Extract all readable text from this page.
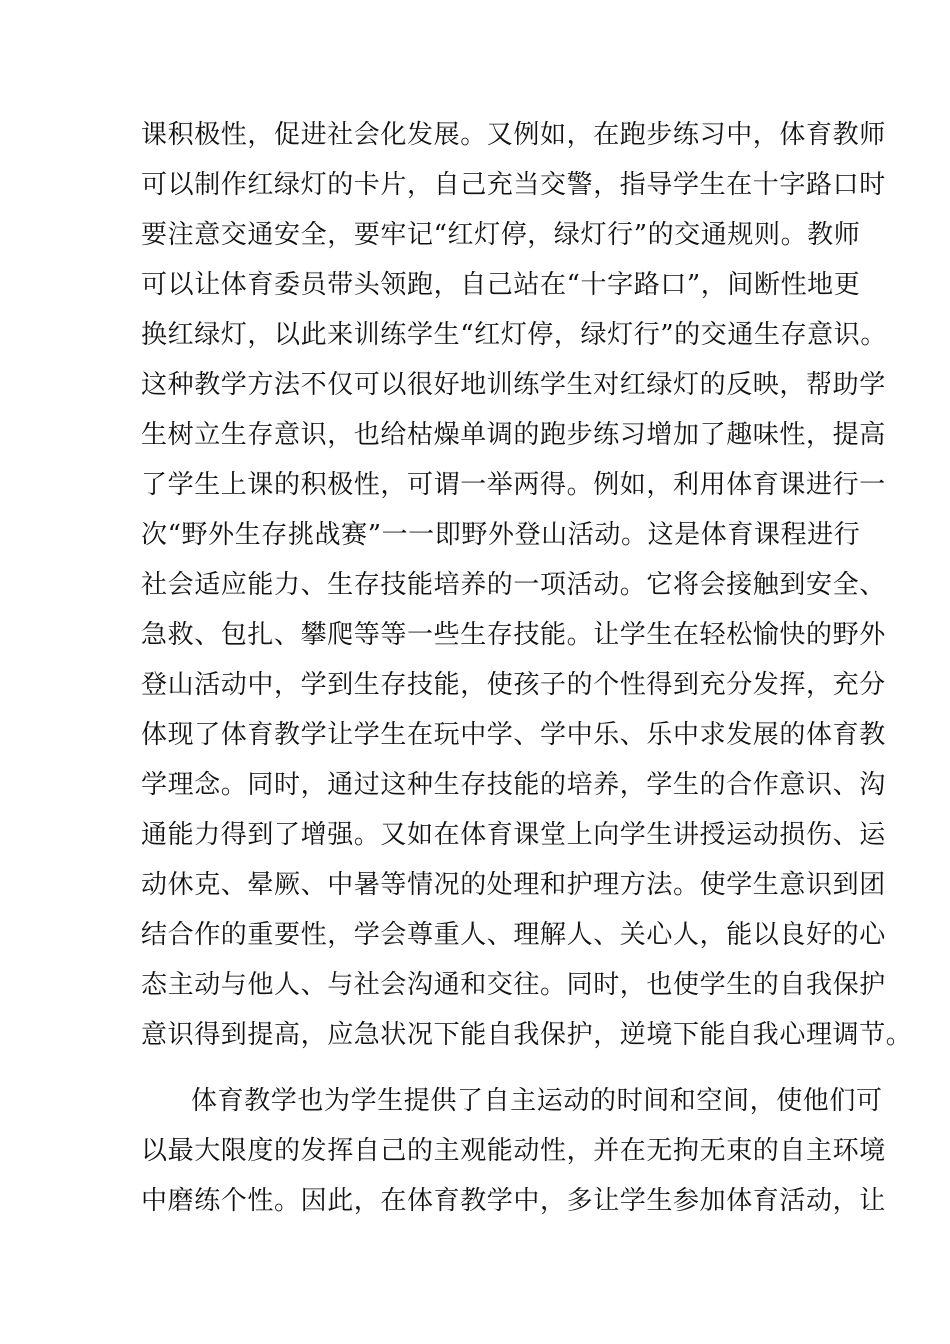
课积极性，促进社会化发展。又例如，在跑步练习中，体育教师
可以制作红绿灯的卡片，自己充当交警，指导学生在十字路口时
要注意交通安全，要牢记“红灯停，绿灯行”的交通规则。教师
可以让体育委员带头领跑，自己站在“十字路口”，间断性地更
换红绿灯，以此来训练学生“红灯停，绿灯行”的交通生存意识。
这种教学方法不仅可以很好地训练学生对红绿灯的反映，帮助学
生树立生存意识，也给枯燥单调的跑步练习增加了趣味性，提高
了学生上课的积极性，可谓一举两得。例如，利用体育课进行一
次“野外生存挑战赛”一一即野外登山活动。这是体育课程进行
社会适应能力、生存技能培养的一项活动。它将会接触到安全、
急救、包扎、攀爬等等一些生存技能。让学生在轻松愉快的野外
登山活动中，学到生存技能，使孩子的个性得到充分发挥，充分
体现了体育教学让学生在玩中学、学中乐、乐中求发展的体育教
学理念。同时，通过这种生存技能的培养，学生的合作意识、沟
通能力得到了增强。又如在体育课堂上向学生讲授运动损伤、运
动休克、晕厥、中暑等情况的处理和护理方法。使学生意识到团
结合作的重要性，学会尊重人、理解人、关心人，能以良好的心
态主动与他人、与社会沟通和交往。同时，也使学生的自我保护
意识得到提高，应急状况下能自我保护，逆境下能自我心理调节。
体育教学也为学生提供了自主运动的时间和空间，使他们可
以最大限度的发挥自己的主观能动性，并在无拘无束的自主环境
中磨练个性。因此，在体育教学中，多让学生参加体育活动，让
